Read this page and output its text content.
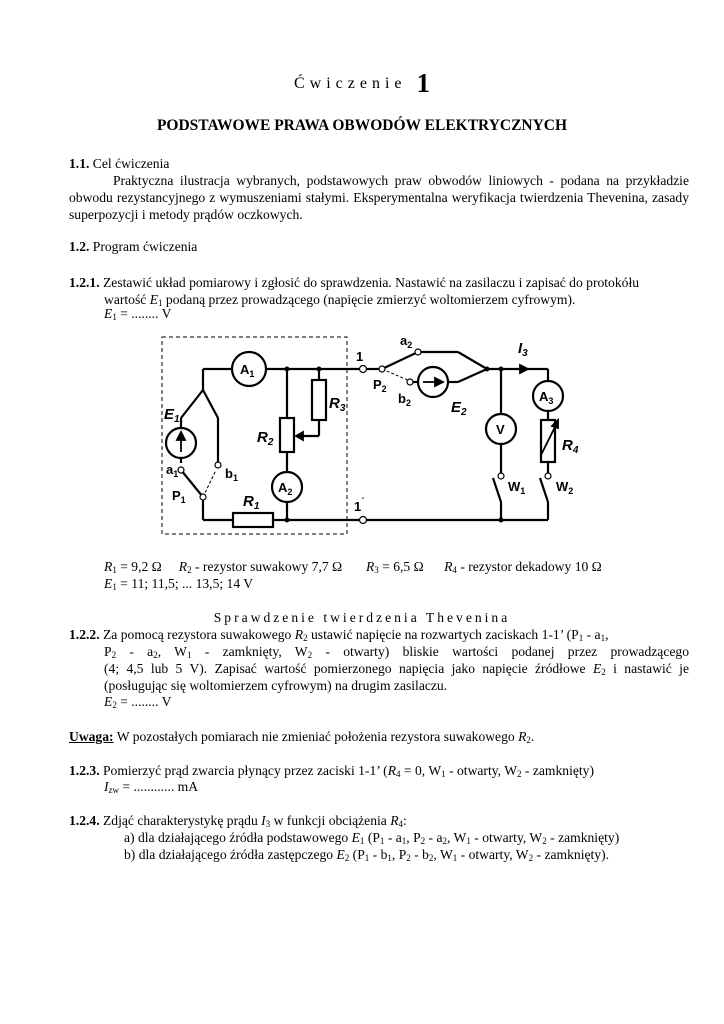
Ćwiczenie 1
PODSTAWOWE PRAWA OBWODÓW ELEKTRYCZNYCH
1.1. Cel ćwiczenia
Praktyczna ilustracja wybranych, podstawowych praw obwodów liniowych - podana na przykładzie obwodu rezystancyjnego z wymuszeniami stałymi. Eksperymentalna weryfikacja twierdzenia Thevenina, zasady superpozycji i metody prądów oczkowych.
1.2. Program ćwiczenia
1.2.1. Zestawić układ pomiarowy i zgłosić do sprawdzenia. Nastawić na zasilaczu i zapisać do protokółu
wartość $E_1$ podaną przez prowadzącego (napięcie zmierzyć woltomierzem cyfrowym).
$E_1$ = ........ V
$A_1$
$A_2$
$A_3$
V
$E_1$
$E_2$
$R_1$
$R_2$
$R_3$
$R_4$
$a_1$	$b_1$
$a_2$
$b_2$
$P_1$
$P_2$
$W_1$ $W_2$
$I_3$
1
1´
$R_1 = 9,2$ Ω $R_2$ - rezystor suwakowy 7,7 Ω $R_3 = 6,5$ Ω $R_4$ - rezystor dekadowy 10 Ω
$E_1 = 11$; 11,5; ... 13,5; 14 V
Sprawdzenie twierdzenia Thevenina
1.2.2. Za pomocą rezystora suwakowego $R_2$ ustawić napięcie na rozwartych zaciskach 1-1’ ($P_1 - a_1$,
$P_2 - a_2$, $W_1$ - zamknięty, $W_2$ - otwarty) bliskie wartości podanej przez prowadzącego
(4; 4,5 lub 5 V). Zapisać wartość pomierzonego napięcia jako napięcie źródłowe $E_2$ i nastawić je
(posługując się woltomierzem cyfrowym) na drugim zasilaczu.
$E_2$ = ........ V
Uwaga: W pozostałych pomiarach nie zmieniać położenia rezystora suwakowego $R_2$.
1.2.3. Pomierzyć prąd zwarcia płynący przez zaciski 1-1’ ($R_4 = 0$, $W_1$ - otwarty, $W_2$ - zamknięty)
$I_{zw}$ = ............ mA
1.2.4. Zdjąć charakterystykę prądu $I_3$ w funkcji obciążenia $R_4$:
a) dla działającego źródła podstawowego $E_1$ ($P_1 - a_1$, $P_2 - a_2$, $W_1$ - otwarty, $W_2$ - zamknięty)
b) dla działającego źródła zastępczego $E_2$ ($P_1 - b_1$, $P_2 - b_2$, $W_1$ - otwarty, $W_2$ - zamknięty).
